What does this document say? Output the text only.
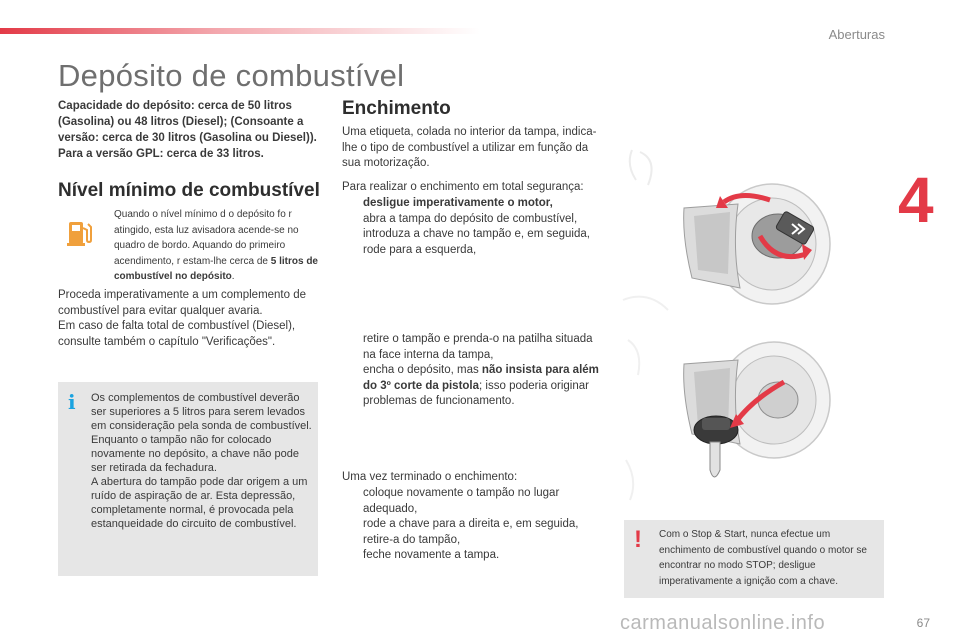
Aberturas
4
Depósito de combustível
Capacidade do depósito: cerca de 50 litros (Gasolina) ou 48 litros (Diesel); (Consoante a versão: cerca de 30 litros (Gasolina ou Diesel)). Para a versão GPL: cerca de 33 litros.
Nível mínimo de combustível
Quando o nível mínimo d o depósito fo r atingido, esta luz avisadora acende-se no quadro de bordo. Aquando do primeiro acendimento, r estam-lhe cerca de 5 litros de combustível no depósito.

Proceda imperativamente a um complemento de combustível para evitar qualquer avaria.

Em caso de falta total de combustível (Diesel), consulte também o capítulo "Verificações".

i	Os complementos de combustível deverão ser superiores a 5 litros para serem levados em consideração pela sonda de combustível.

Enquanto o tampão não for colocado novamente no depósito, a chave não pode ser retirada da fechadura.

A abertura do tampão pode dar origem a um ruído de aspiração de ar. Esta depressão, completamente normal, é provocada pela estanqueidade do circuito de combustível.

Enchimento

Uma etiqueta, colada no interior da tampa, indica-lhe o tipo de combustível a utilizar em função da sua motorização.

Para realizar o enchimento em total segurança:

desligue imperativamente o motor,
abra a tampa do depósito de combustível,
introduza a chave no tampão e, em seguida, rode para a esquerda,
retire o tampão e prenda-o na patilha situada na face interna da tampa,
encha o depósito, mas não insista para além do 3º corte da pistola; isso poderia originar problemas de funcionamento.

Uma vez terminado o enchimento:

coloque novamente o tampão no lugar adequado,
rode a chave para a direita e, em seguida, retire-a do tampão,
feche novamente a tampa.
! Com o Stop & Start, nunca efectue um enchimento de combustível quando o motor se encontrar no modo STOP; desligue imperativamente a ignição com a chave.
carmanualsonline.info	67
